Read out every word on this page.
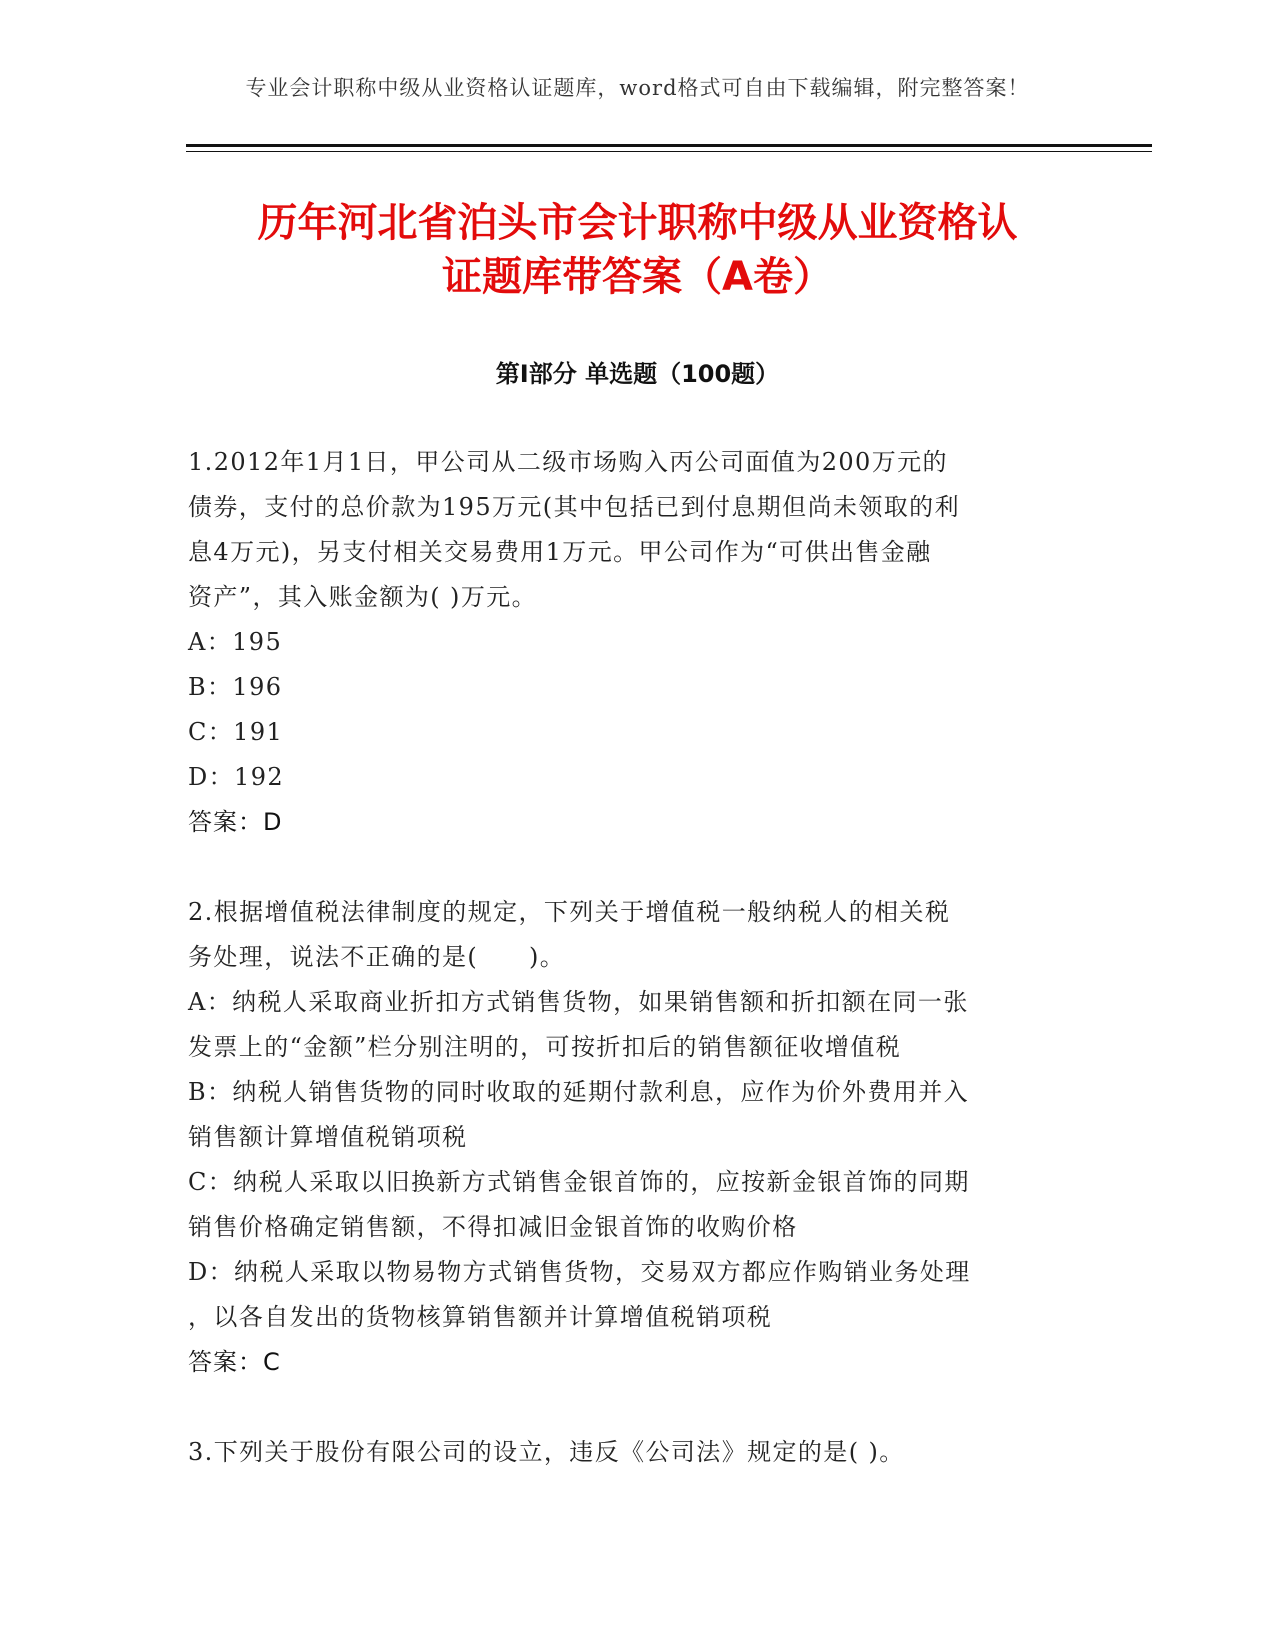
专业会计职称中级从业资格认证题库，word格式可自由下载编辑，附完整答案！
历年河北省泊头市会计职称中级从业资格认
证题库带答案（A卷）
第I部分 单选题（100题）
1.2012年1月1日，甲公司从二级市场购入丙公司面值为200万元的
债券，支付的总价款为195万元(其中包括已到付息期但尚未领取的利
息4万元)，另支付相关交易费用1万元。甲公司作为“可供出售金融
资产”，其入账金额为( )万元。
A：195
B：196
C：191
D：192
答案：D
2.根据增值税法律制度的规定，下列关于增值税一般纳税人的相关税
务处理，说法不正确的是(　　)。
A：纳税人采取商业折扣方式销售货物，如果销售额和折扣额在同一张
发票上的“金额”栏分别注明的，可按折扣后的销售额征收增值税
B：纳税人销售货物的同时收取的延期付款利息，应作为价外费用并入
销售额计算增值税销项税
C：纳税人采取以旧换新方式销售金银首饰的，应按新金银首饰的同期
销售价格确定销售额，不得扣减旧金银首饰的收购价格
D：纳税人采取以物易物方式销售货物，交易双方都应作购销业务处理
，以各自发出的货物核算销售额并计算增值税销项税
答案：C
3.下列关于股份有限公司的设立，违反《公司法》规定的是( )。
